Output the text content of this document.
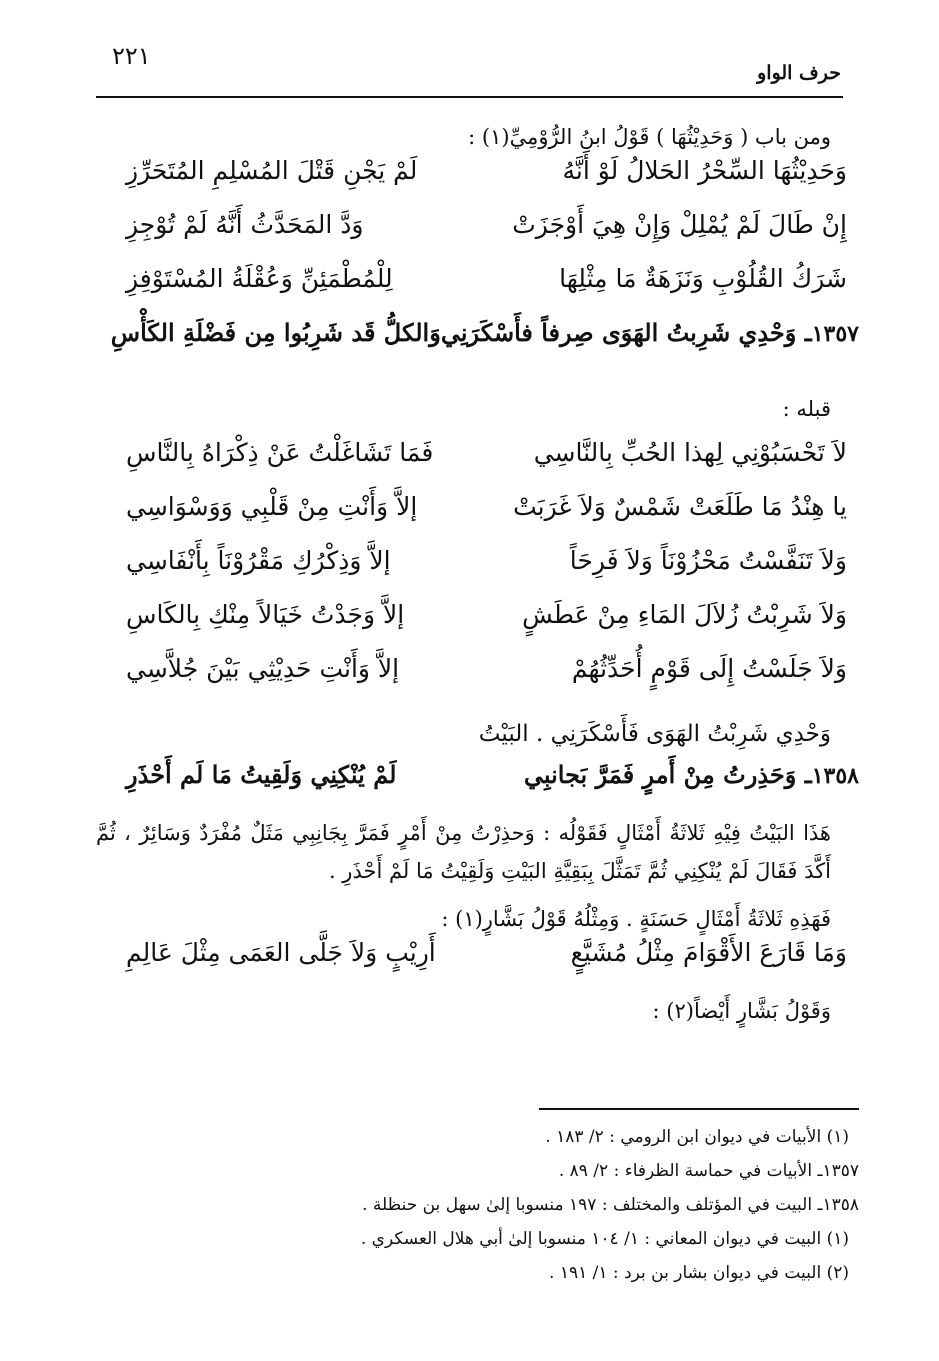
٢٢١
حرف الواو

ومن باب ( وَحَدِيْثُهَا ) قَوْلُ ابنُ الرُّوْمِيِّ(١) :

وَحَدِيْثُهَا السِّحْرُ الحَلالُ لَوْ أَنَّهُ
لَمْ يَجْنِ قَتْلَ المُسْلِمِ المُتَحَرِّزِ
إِنْ طَالَ لَمْ يُمْلِلْ وَإِنْ هِيَ أَوْجَزَتْ
وَدَّ المَحَدَّثُ أَنَّهُ لَمْ تُوْجِزِ
شَرَكُ القُلُوْبِ وَنَزَهَةٌ مَا مِثْلِهَا
لِلْمُطْمَئِنِّ وَعُقْلَةُ المُسْتَوْفِزِ
١٣٥٧ـ وَحْدِي شَرِبتُ الهَوَى صِرفاً فأَسْكَرَنِي
وَالكلُّ قَد شَرِبُوا مِن فَضْلَةِ الكَأْسِ

قبله :

لاَ تَحْسَبُوْنِي لِهذا الحُبِّ بِالنَّاسِي
فَمَا تَشَاغَلْتُ عَنْ ذِكْرَاهُ بِالنَّاسِ
يا هِنْدُ مَا طَلَعَتْ شَمْسٌ وَلاَ غَرَبَتْ
إلاَّ وَأَنْتِ مِنْ قَلْبِي وَوَسْوَاسِي
وَلاَ تَنَفَّسْتُ مَحْزُوْنَاً وَلاَ فَرِحَاً
إلاَّ وَذِكْرُكِ مَقْرُوْنَاً بِأَنْفَاسِي
وَلاَ شَرِبْتُ زُلاَلَ المَاءِ مِنْ عَطَشٍ
إلاَّ وَجَدْتُ خَيَالاً مِنْكِ بِالكَاسِ
وَلاَ جَلَسْتُ إِلَى قَوْمٍ أُحَدِّثُهُمْ
إلاَّ وَأَنْتِ حَدِيْثِي بَيْنَ جُلاَّسِي

وَحْدِي شَرِبْتُ الهَوَى فَأَسْكَرَنِي . البَيْتُ

١٣٥٨ـ وَحَذِرتُ مِنْ أَمرٍ فَمَرَّ بَجانبِي
لَمْ يُنْكِنِي وَلَقِيتُ مَا لَم أَحْذَرِ

هَذَا البَيْتُ فِيْهِ ثَلاثَةُ أَمْثَالٍ فَقَوْلُه : وَحذِرْتُ مِنْ أَمْرٍ فَمَرَّ بِجَانِبِي مَثَلٌ مُفْرَدٌ وَسَائِرٌ ، ثُمَّ أَكَّدَ فَقَالَ لَمْ يُنْكِنِي ثُمَّ تَمَثَّلَ بِبَقِيَّةِ البَيْتِ وَلَقِيْتُ مَا لَمْ أَحْذَرِ .

فَهَذِهِ ثَلاثَةُ أَمْثَالٍ حَسَنَةٍ . وَمِثْلُهُ قَوْلُ بَشَّارٍ(١) :

وَمَا قَارَعَ الأَقْوَامَ مِثْلُ مُشَيَّعٍ
أَرِيْبٍ وَلاَ جَلَّى العَمَى مِثْلَ عَالِمِ

وَقَوْلُ بَشَّارٍ أَيْضاً(٢) :

(١) الأبيات في ديوان ابن الرومي : ٢/ ١٨٣ .
١٣٥٧ـ الأبيات في حماسة الظرفاء : ٢/ ٨٩ .
١٣٥٨ـ البيت في المؤتلف والمختلف : ١٩٧ منسوبا إلىٰ سهل بن حنظلة .
(١) البيت في ديوان المعاني : ١/ ١٠٤ منسوبا إلىٰ أبي هلال العسكري .
(٢) البيت في ديوان بشار بن برد : ١/ ١٩١ .
